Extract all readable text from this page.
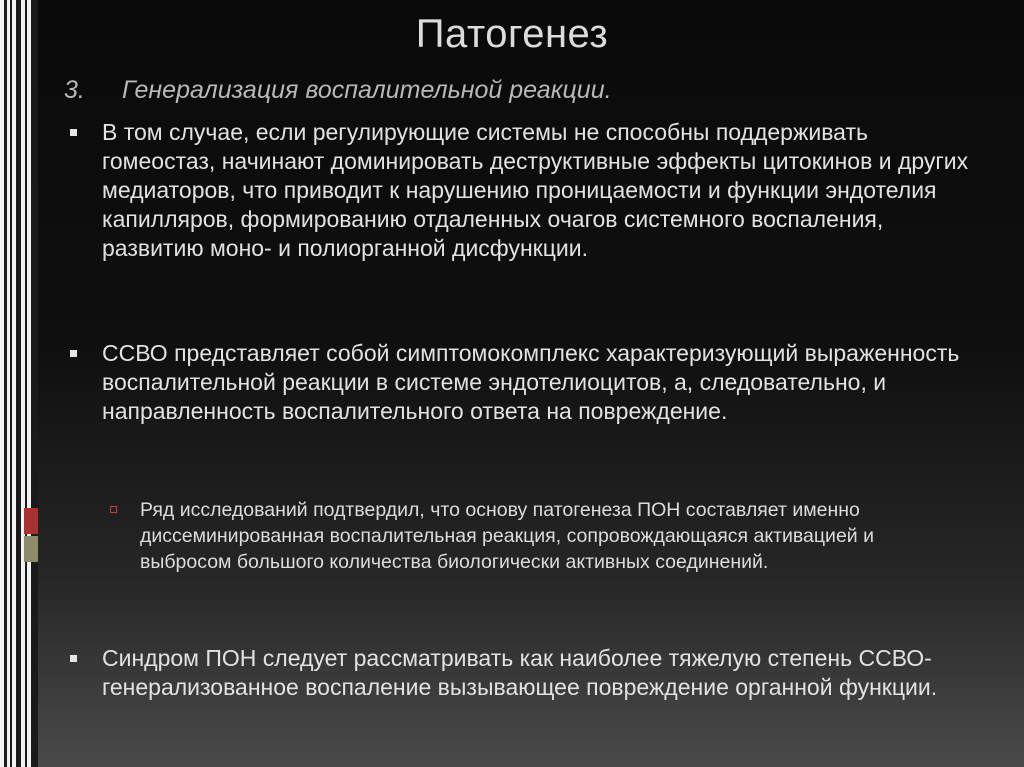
Патогенез
3. Генерализация воспалительной реакции.

В том случае, если регулирующие системы не способны поддерживать гомеостаз, начинают доминировать деструктивные эффекты цитокинов и других медиаторов, что приводит к нарушению проницаемости и функции эндотелия капилляров, формированию отдаленных очагов системного воспаления, развитию моно- и полиорганной дисфункции.

ССВО представляет собой симптомокомплекс характеризующий выраженность воспалительной реакции в системе эндотелиоцитов, а, следовательно, и направленность воспалительного ответа на повреждение.

Ряд исследований подтвердил, что основу патогенеза ПОН составляет именно диссеминированная воспалительная реакция, сопровождающаяся активацией и выбросом большого количества биологически активных соединений.

Синдром ПОН следует рассматривать как наиболее тяжелую степень ССВО-генерализованное воспаление вызывающее повреждение органной функции.
